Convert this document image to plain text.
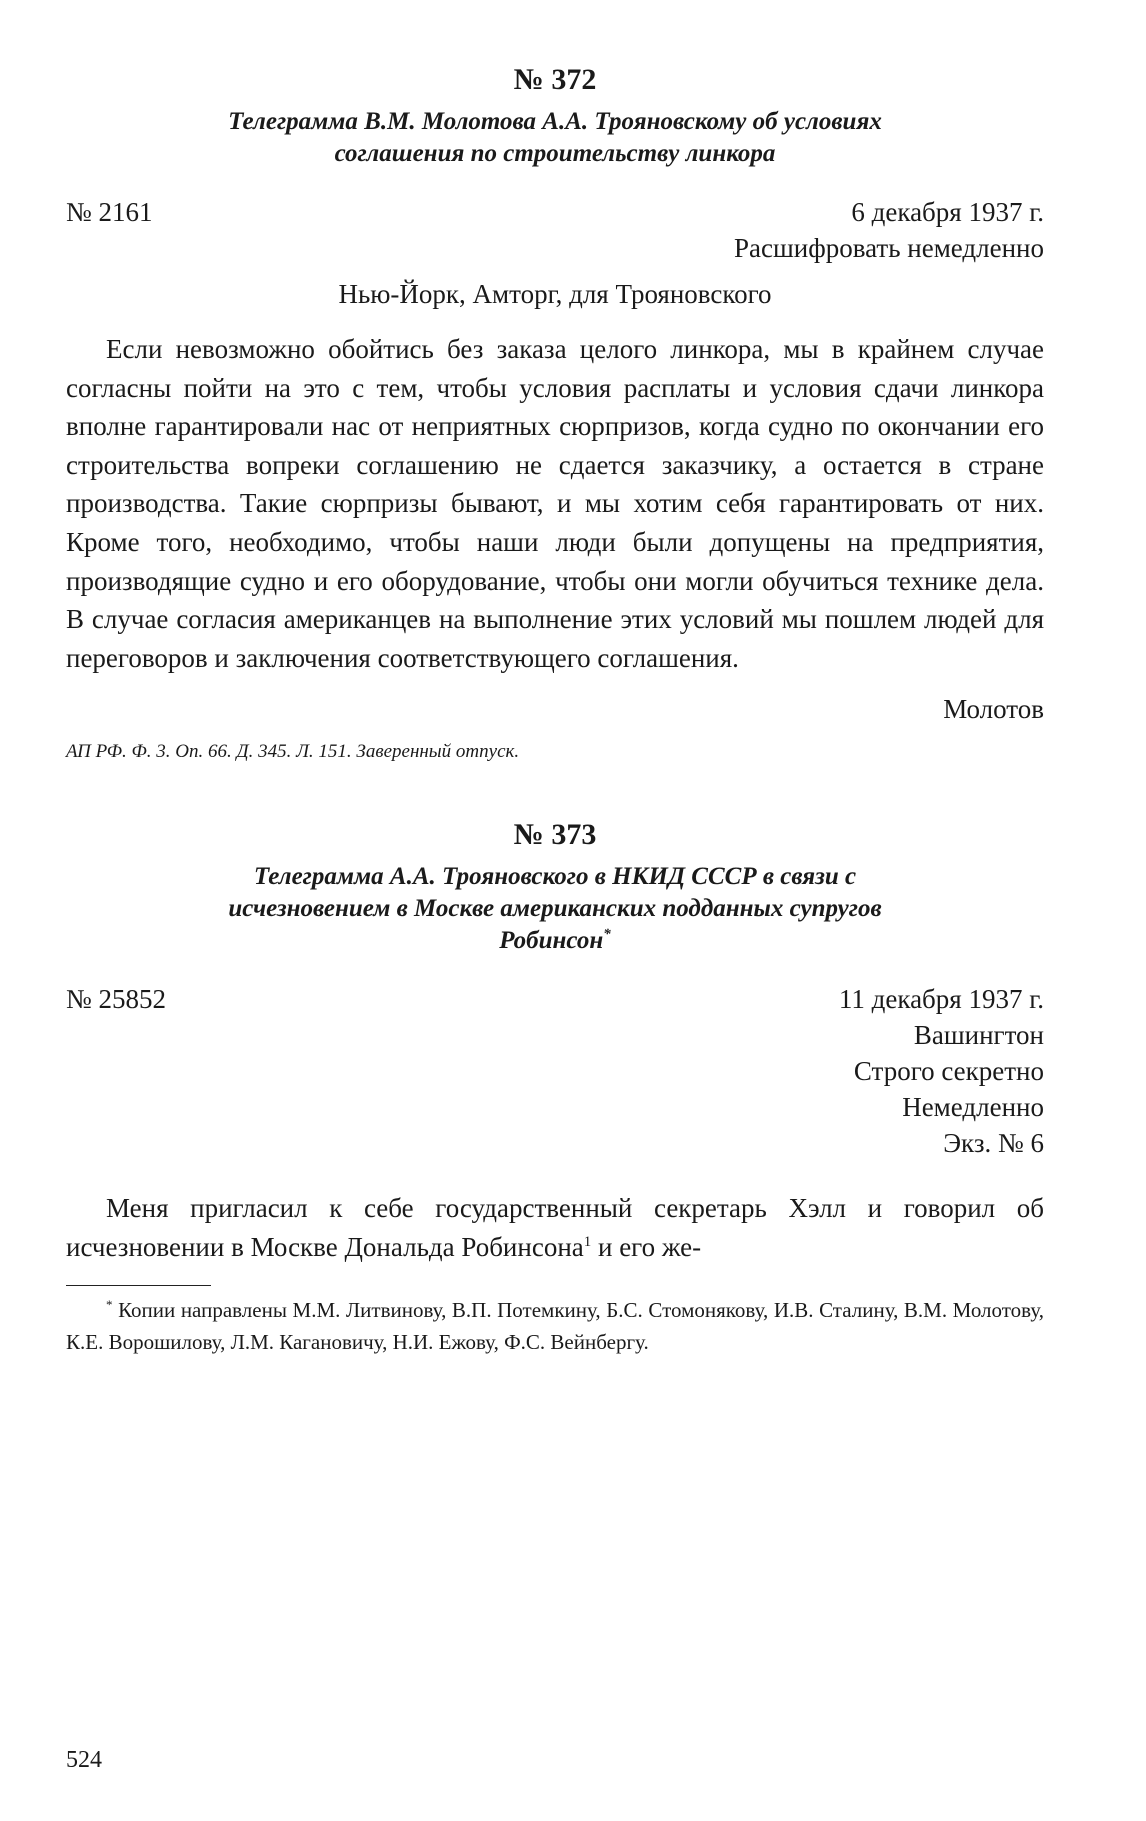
№ 372

Телеграмма В.М. Молотова А.А. Трояновскому об условиях соглашения по строительству линкора

№ 2161	6 декабря 1937 г.
Расшифровать немедленно
Нью-Йорк, Амторг, для Трояновского

Если невозможно обойтись без заказа целого линкора, мы в крайнем случае согласны пойти на это с тем, чтобы условия расплаты и условия сдачи линкора вполне гарантировали нас от неприятных сюрпризов, когда судно по окончании его строительства вопреки соглашению не сдается заказчику, а остается в стране производства. Такие сюрпризы бывают, и мы хотим себя гарантировать от них. Кроме того, необходимо, чтобы наши люди были допущены на предприятия, производящие судно и его оборудование, чтобы они могли обучиться технике дела. В случае согласия американцев на выполнение этих условий мы пошлем людей для переговоров и заключения соответствующего соглашения.

Молотов
АП РФ. Ф. 3. Оп. 66. Д. 345. Л. 151. Заверенный отпуск.

№ 373

Телеграмма А.А. Трояновского в НКИД СССР в связи с исчезновением в Москве американских подданных супругов Робинсон*

№ 25852	11 декабря 1937 г.
Вашингтон
Строго секретно
Немедленно
Экз. № 6

Меня пригласил к себе государственный секретарь Хэлл и говорил об исчезновении в Москве Дональда Робинсона$^1$ и его же-

* Копии направлены М.М. Литвинову, В.П. Потемкину, Б.С. Стомонякову, И.В. Сталину, В.М. Молотову, К.Е. Ворошилову, Л.М. Кагановичу, Н.И. Ежову, Ф.С. Вейнбергу.

524
